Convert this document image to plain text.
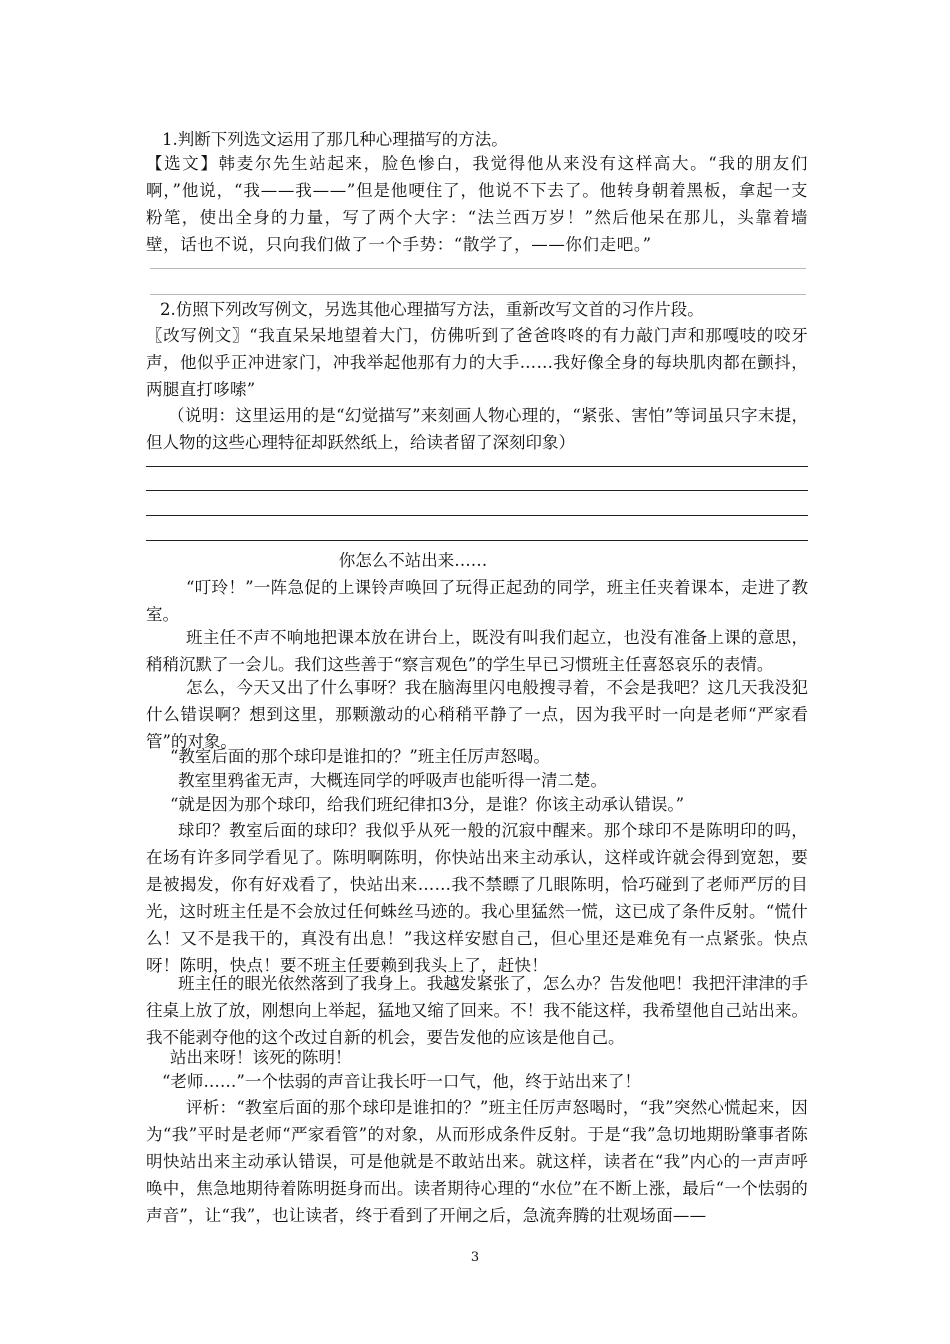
1.判断下列选文运用了那几种心理描写的方法。

【选文】韩麦尔先生站起来，脸色惨白，我觉得他从来没有这样高大。“我的朋友们啊，”他说，“我——我——”但是他哽住了，他说不下去了。他转身朝着黑板，拿起一支粉笔，使出全身的力量，写了两个大字：“法兰西万岁！”然后他呆在那儿，头靠着墙壁，话也不说，只向我们做了一个手势：“散学了，——你们走吧。”

2.仿照下列改写例文，另选其他心理描写方法，重新改写文首的习作片段。

〖改写例文〗“我直呆呆地望着大门，仿佛听到了爸爸咚咚的有力敲门声和那嘎吱的咬牙声，他似乎正冲进家门，冲我举起他那有力的大手……我好像全身的每块肌肉都在颤抖，两腿直打哆嗦”

（说明：这里运用的是“幻觉描写”来刻画人物心理的，“紧张、害怕”等词虽只字末提，但人物的这些心理特征却跃然纸上，给读者留了深刻印象）

你怎么不站出来……

“叮玲！”一阵急促的上课铃声唤回了玩得正起劲的同学，班主任夹着课本，走进了教室。

班主任不声不响地把课本放在讲台上，既没有叫我们起立，也没有准备上课的意思，稍稍沉默了一会儿。我们这些善于“察言观色”的学生早已习惯班主任喜怒哀乐的表情。

怎么，今天又出了什么事呀？我在脑海里闪电般搜寻着，不会是我吧？这几天我没犯什么错误啊？想到这里，那颗激动的心稍稍平静了一点，因为我平时一向是老师“严家看管”的对象。

“教室后面的那个球印是谁扣的？”班主任厉声怒喝。

教室里鸦雀无声，大概连同学的呼吸声也能听得一清二楚。

“就是因为那个球印，给我们班纪律扣3分，是谁？你该主动承认错误。”

球印？教室后面的球印？我似乎从死一般的沉寂中醒来。那个球印不是陈明印的吗，在场有许多同学看见了。陈明啊陈明，你快站出来主动承认，这样或许就会得到宽恕，要是被揭发，你有好戏看了，快站出来……我不禁瞟了几眼陈明，恰巧碰到了老师严厉的目光，这时班主任是不会放过任何蛛丝马迹的。我心里猛然一慌，这已成了条件反射。“慌什么！又不是我干的，真没有出息！”我这样安慰自己，但心里还是难免有一点紧张。快点呀！陈明，快点！要不班主任要赖到我头上了，赶快！

班主任的眼光依然落到了我身上。我越发紧张了，怎么办？告发他吧！我把汗津津的手往桌上放了放，刚想向上举起，猛地又缩了回来。不！我不能这样，我希望他自己站出来。我不能剥夺他的这个改过自新的机会，要告发他的应该是他自己。

站出来呀！该死的陈明！

“老师……”一个怯弱的声音让我长吁一口气，他，终于站出来了！

评析：“教室后面的那个球印是谁扣的？”班主任厉声怒喝时，“我”突然心慌起来，因为“我”平时是老师“严家看管”的对象，从而形成条件反射。于是“我”急切地期盼肇事者陈明快站出来主动承认错误，可是他就是不敢站出来。就这样，读者在“我”内心的一声声呼唤中，焦急地期待着陈明挺身而出。读者期待心理的“水位”在不断上涨，最后“一个怯弱的声音”，让“我”，也让读者，终于看到了开闸之后，急流奔腾的壮观场面——

3
